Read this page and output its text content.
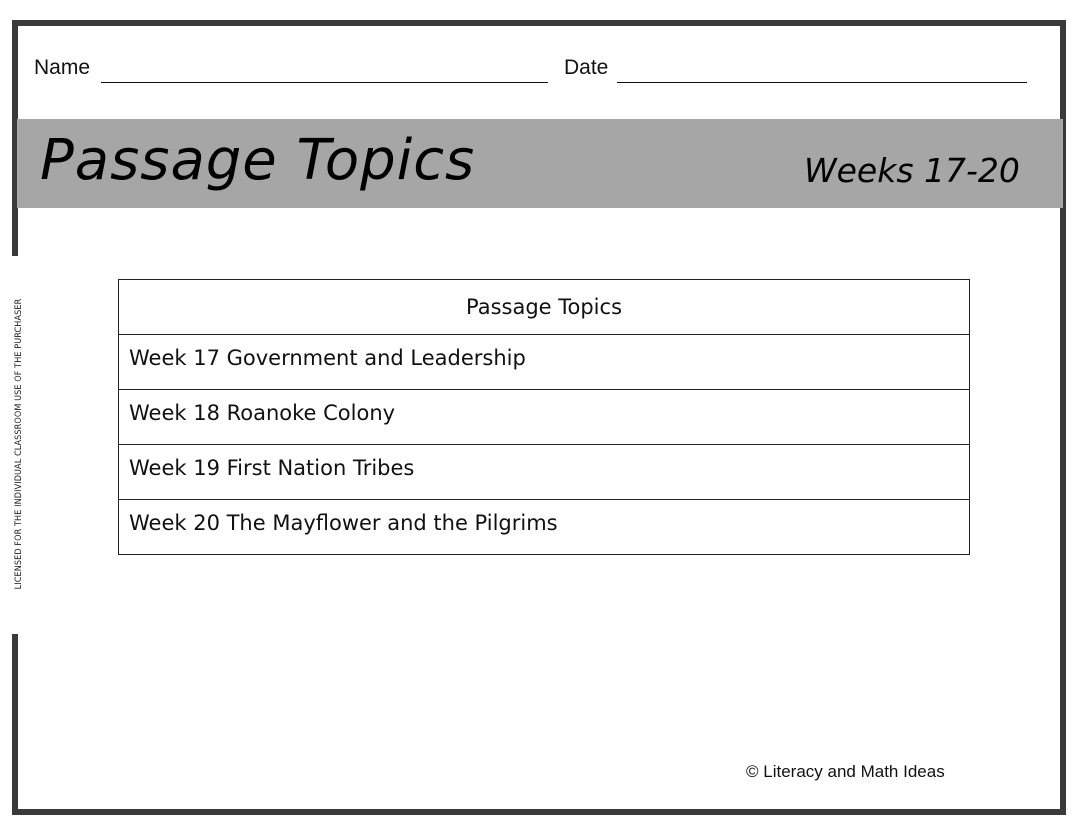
LICENSED FOR THE INDIVIDUAL CLASSROOM USE OF THE PURCHASER
Name	Date
Passage Topics	Weeks 17-20
Passage Topics
Week 17 Government and Leadership
Week 18 Roanoke Colony
Week 19 First Nation Tribes
Week 20 The Mayflower and the Pilgrims
© Literacy and Math Ideas
